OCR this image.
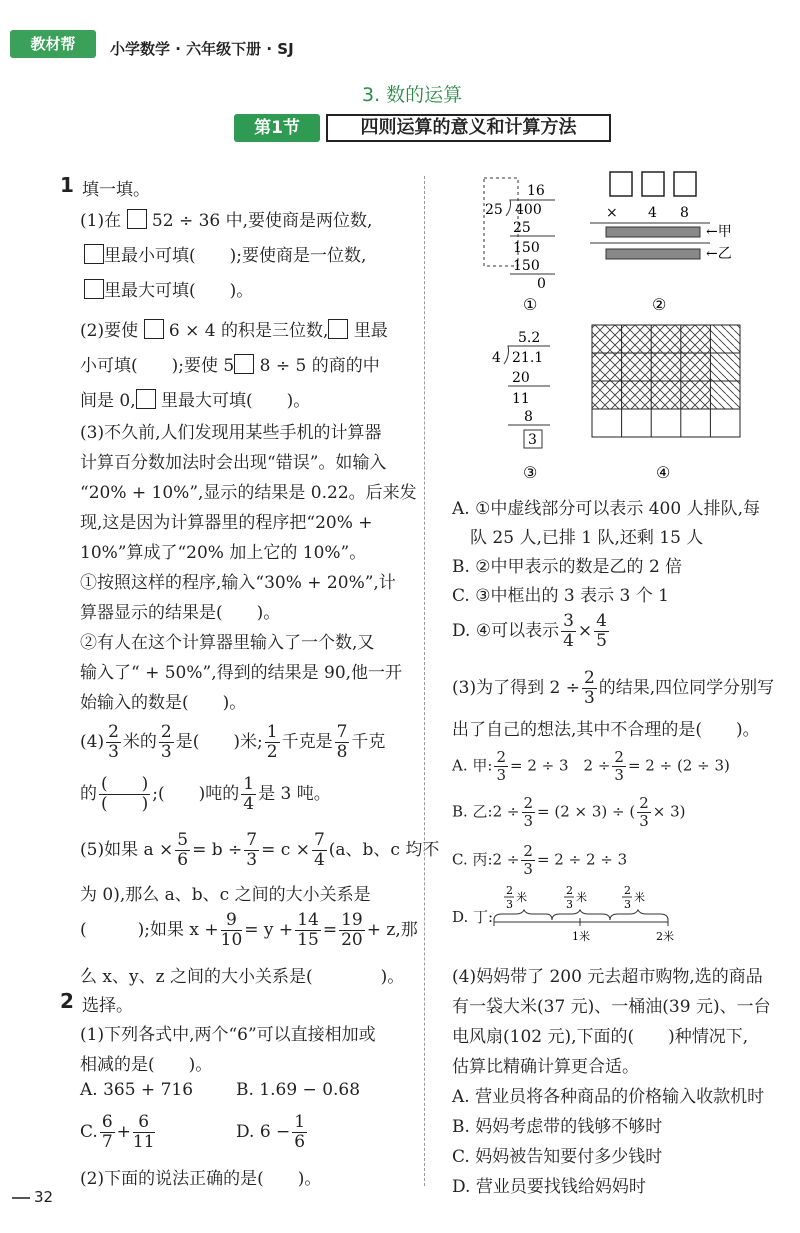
教材帮	小学数学 · 六年级下册 · SJ
3. 数的运算
第1节	四则运算的意义和计算方法
1 填一填。
(1)在 52 ÷ 36 中,要使商是两位数,
里最小可填(　　);要使商是一位数,
里最大可填(　　)。
(2)要使 6 × 4 的积是三位数, 里最
小可填(　　);要使 5 8 ÷ 5 的商的中
间是 0, 里最大可填(　　)。
(3)不久前,人们发现用某些手机的计算器
计算百分数加法时会出现“错误”。如输入
“20% + 10%”,显示的结果是 0.22。后来发
现,这是因为计算器里的程序把“20% +
10%”算成了“20% 加上它的 10%”。
①按照这样的程序,输入“30% + 20%”,计
算器显示的结果是(　　)。
②有人在这个计算器里输入了一个数,又
输入了“ + 50%”,得到的结果是 90,他一开
始输入的数是(　　)。
$(4) \frac{2}{3}$ 米的 $\frac{2}{3}$ 是(　　)米; $\frac{1}{2}$ 千克是 $\frac{7}{8}$ 千克
的 $\frac{( )}{( )}$ ;(　　)吨的 $\frac{1}{4}$ 是 3 吨。
(5)如果 $a \times \frac{5}{6} = b \div \frac{7}{3} = c \times \frac{7}{4} (a$、b、c 均不
为 0),那么 a、b、c 之间的大小关系是
(　　　);如果 $x + \frac{9}{10} = y + \frac{14}{15} = \frac{19}{20} + z$,那
么 x、y、z 之间的大小关系是(　　　　)。
2 选择。
(1)下列各式中,两个“6”可以直接相加或
相减的是(　　)。
A. 365 + 716	B. 1.69 − 0.68
C. $\frac{6}{7} + \frac{6}{11}$	D. $6 - \frac{1}{6}$
(2)下面的说法正确的是(　　)。
32
16
25 400
25
150
150
0
①
× 4 8
←甲
←乙
②
5.2
4 21.1
20
11
8
3
③	④
A. ①中虚线部分可以表示 400 人排队,每
队 25 人,已排 1 队,还剩 15 人
B. ②中甲表示的数是乙的 2 倍
C. ③中框出的 3 表示 3 个 1
D. ④可以表示 $\frac{3}{4} \times \frac{4}{5}$
(3)为了得到 $2 \div \frac{2}{3}$ 的结果,四位同学分别写
出了自己的想法,其中不合理的是(　　)。
A. 甲: $\frac{2}{3} = 2 \div 3$　$2 \div \frac{2}{3} = 2 \div (2 \div 3)$
B. 乙:2 ÷ $\frac{2}{3} = (2 \times 3)$ ÷ ( $\frac{2}{3} \times 3$)
C. 丙:2 ÷ $\frac{2}{3} = 2 \div 2 \div 3$
D. 丁:
2
3
米
2
3
米
2
3
米
1米	2米
(4)妈妈带了 200 元去超市购物,选的商品
有一袋大米(37 元)、一桶油(39 元)、一台
电风扇(102 元),下面的(　　)种情况下,
估算比精确计算更合适。
A. 营业员将各种商品的价格输入收款机时
B. 妈妈考虑带的钱够不够时
C. 妈妈被告知要付多少钱时
D. 营业员要找钱给妈妈时
